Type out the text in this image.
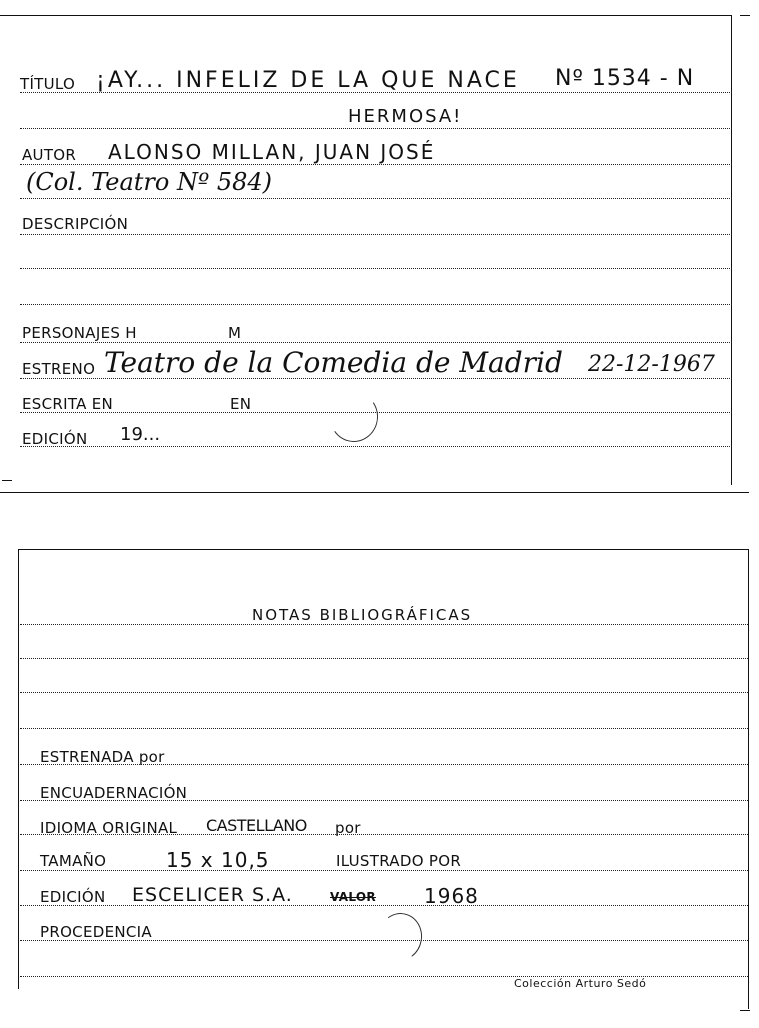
TÍTULO ¡AY... INFELIZ DE LA QUE NACE Nº 1534 - N
HERMOSA!
AUTOR ALONSO MILLAN, JUAN JOSÉ
(Col. Teatro Nº 584)
DESCRIPCIÓN
PERSONAJES H	M
ESTRENO Teatro de la Comedia de Madrid 22-12-1967
ESCRITA EN	EN
EDICIÓN 19...
NOTAS BIBLIOGRÁFICAS
ESTRENADA por
ENCUADERNACIÓN
IDIOMA ORIGINAL CASTELLANO por
TAMAÑO	15 x 10,5	ILUSTRADO POR
EDICIÓN ESCELICER S.A.	VALOR 1968
PROCEDENCIA
Colección Arturo Sedó
